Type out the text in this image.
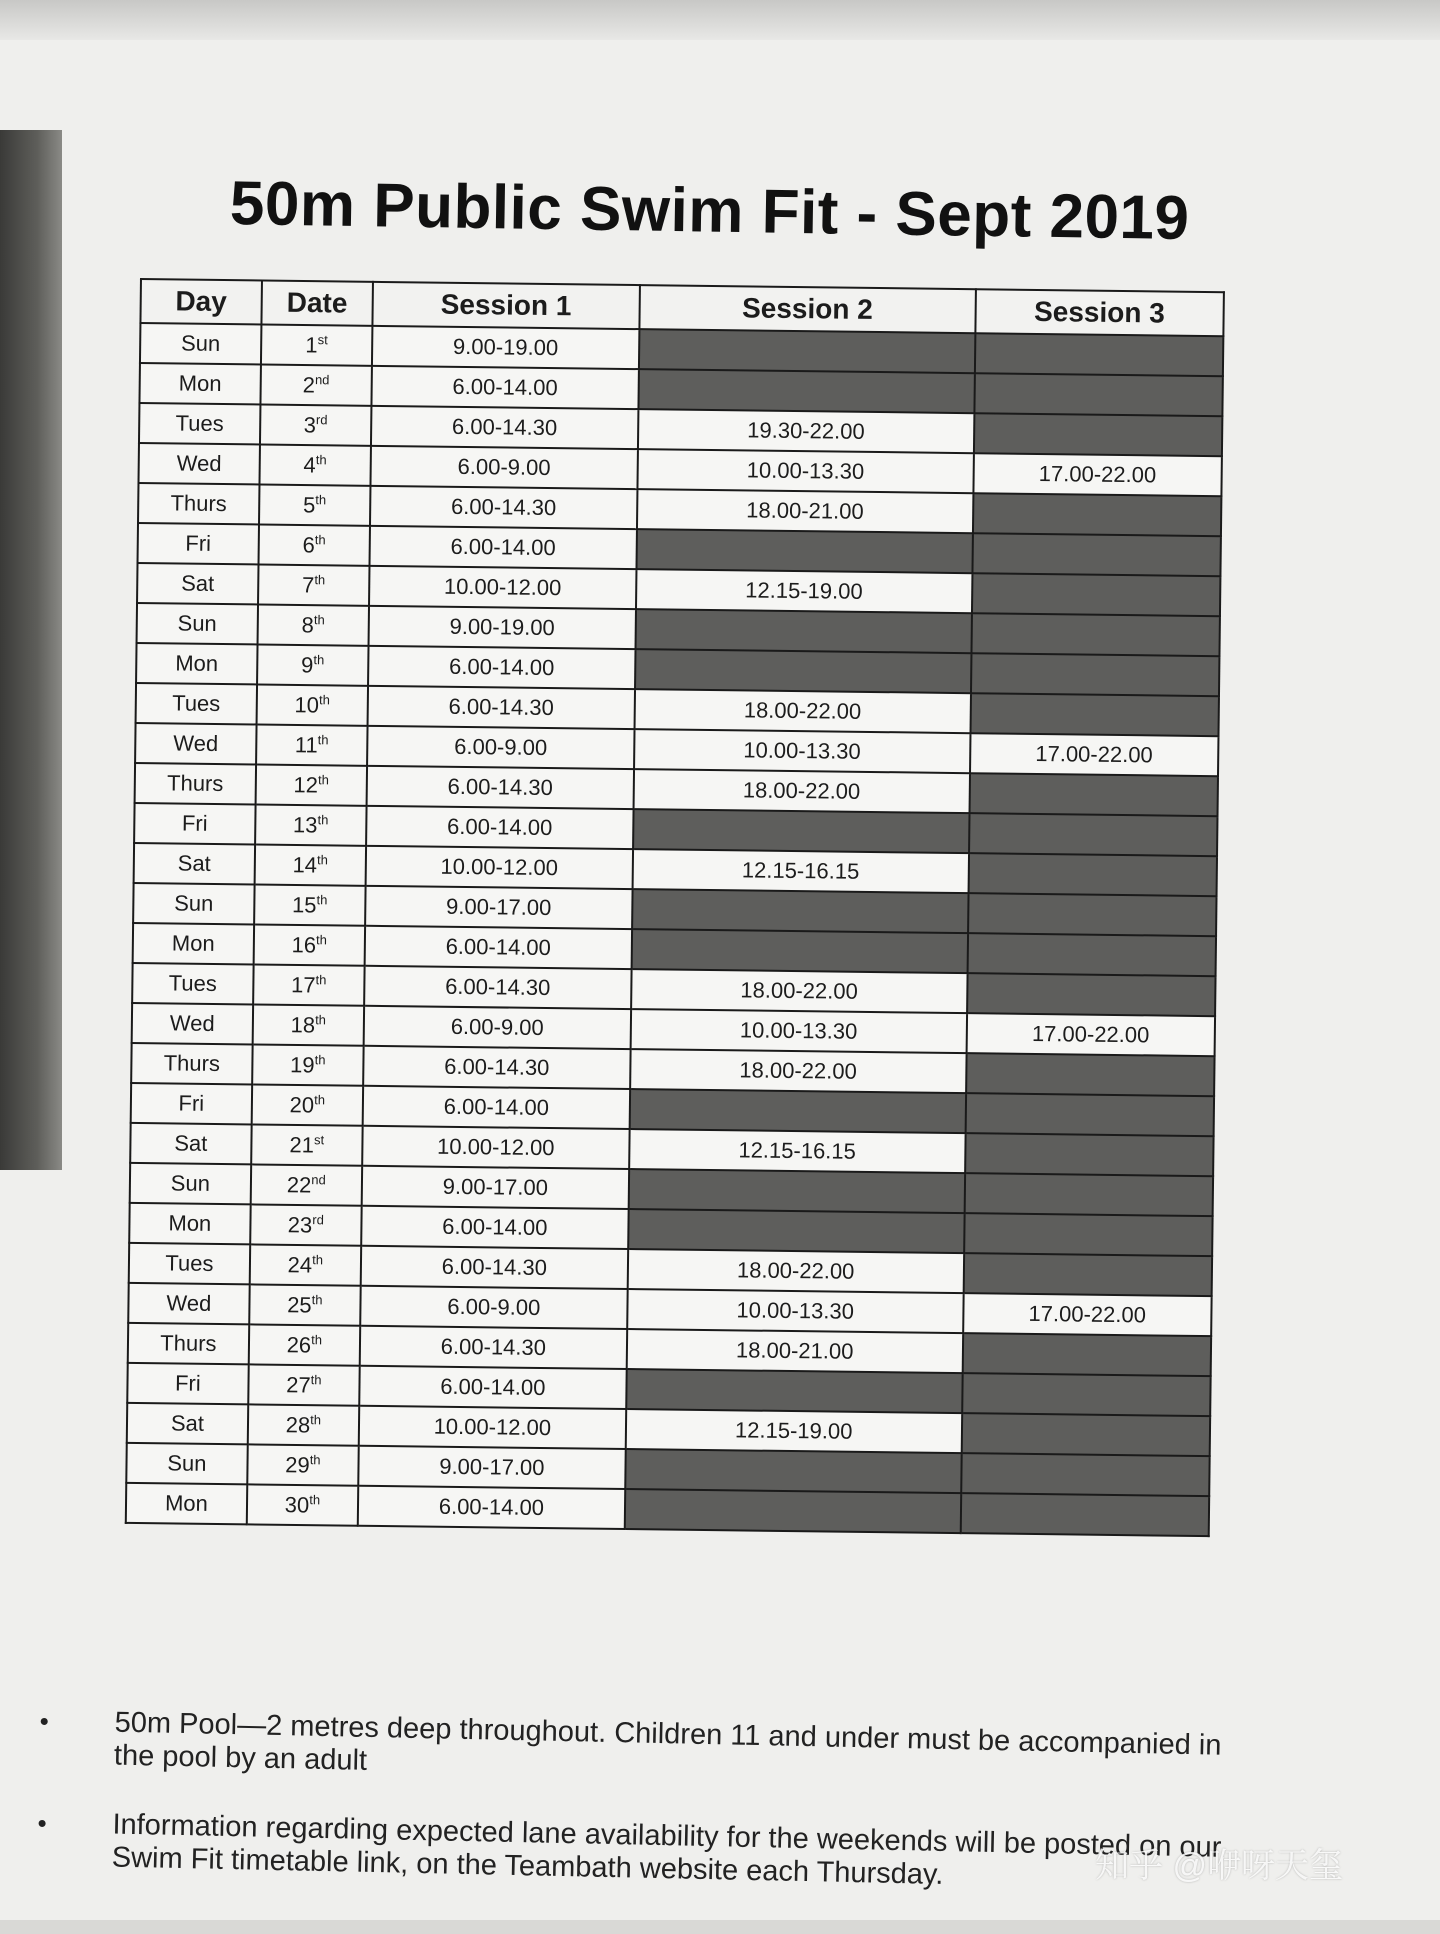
50m Public Swim Fit - Sept 2019
Day	Date	Session 1	Session 2	Session 3
Sun	1st	9.00-19.00		
Mon	2nd	6.00-14.00		
Tues	3rd	6.00-14.30	19.30-22.00	
Wed	4th	6.00-9.00	10.00-13.30	17.00-22.00
Thurs	5th	6.00-14.30	18.00-21.00	
Fri	6th	6.00-14.00		
Sat	7th	10.00-12.00	12.15-19.00	
Sun	8th	9.00-19.00		
Mon	9th	6.00-14.00		
Tues	10th	6.00-14.30	18.00-22.00	
Wed	11th	6.00-9.00	10.00-13.30	17.00-22.00
Thurs	12th	6.00-14.30	18.00-22.00	
Fri	13th	6.00-14.00		
Sat	14th	10.00-12.00	12.15-16.15	
Sun	15th	9.00-17.00		
Mon	16th	6.00-14.00		
Tues	17th	6.00-14.30	18.00-22.00	
Wed	18th	6.00-9.00	10.00-13.30	17.00-22.00
Thurs	19th	6.00-14.30	18.00-22.00	
Fri	20th	6.00-14.00		
Sat	21st	10.00-12.00	12.15-16.15	
Sun	22nd	9.00-17.00		
Mon	23rd	6.00-14.00		
Tues	24th	6.00-14.30	18.00-22.00	
Wed	25th	6.00-9.00	10.00-13.30	17.00-22.00
Thurs	26th	6.00-14.30	18.00-21.00	
Fri	27th	6.00-14.00		
Sat	28th	10.00-12.00	12.15-19.00	
Sun	29th	9.00-17.00		
Mon	30th	6.00-14.00		
•	50m Pool—2 metres deep throughout. Children 11 and under must be accompanied in the pool by an adult
•	Information regarding expected lane availability for the weekends will be posted on our Swim Fit timetable link, on the Teambath website each Thursday.	知乎 @咿呀天玺
